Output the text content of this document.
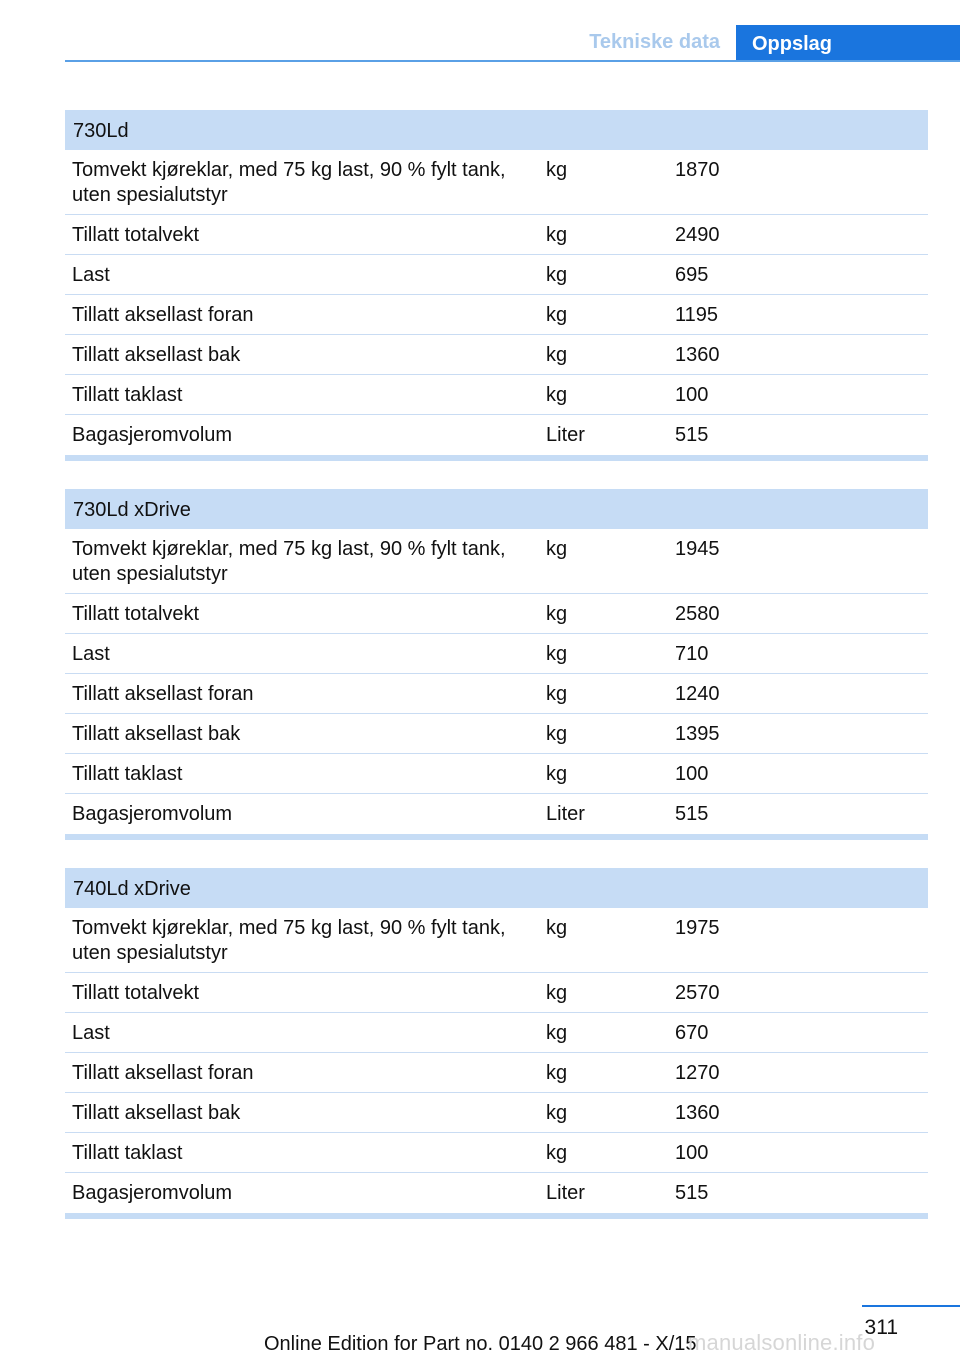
Tekniske data	Oppslag
730Ld
Tomvekt kjøreklar, med 75 kg last, 90 % fylt tank, uten spesialutstyr
kg	1870
Tillatt totalvekt	kg	2490
Last	kg	695
Tillatt aksellast foran	kg	1195
Tillatt aksellast bak	kg	1360
Tillatt taklast	kg	100
Bagasjeromvolum	Liter	515
730Ld xDrive
Tomvekt kjøreklar, med 75 kg last, 90 % fylt tank, uten spesialutstyr
kg	1945
Tillatt totalvekt	kg	2580
Last	kg	710
Tillatt aksellast foran	kg	1240
Tillatt aksellast bak	kg	1395
Tillatt taklast	kg	100
Bagasjeromvolum	Liter	515
740Ld xDrive
Tomvekt kjøreklar, med 75 kg last, 90 % fylt tank, uten spesialutstyr
kg	1975
Tillatt totalvekt	kg	2570
Last	kg	670
Tillatt aksellast foran	kg	1270
Tillatt aksellast bak	kg	1360
Tillatt taklast	kg	100
Bagasjeromvolum	Liter	515
311
Online Edition for Part no. 0140 2 966 481 - X/15
manualsonline.info
